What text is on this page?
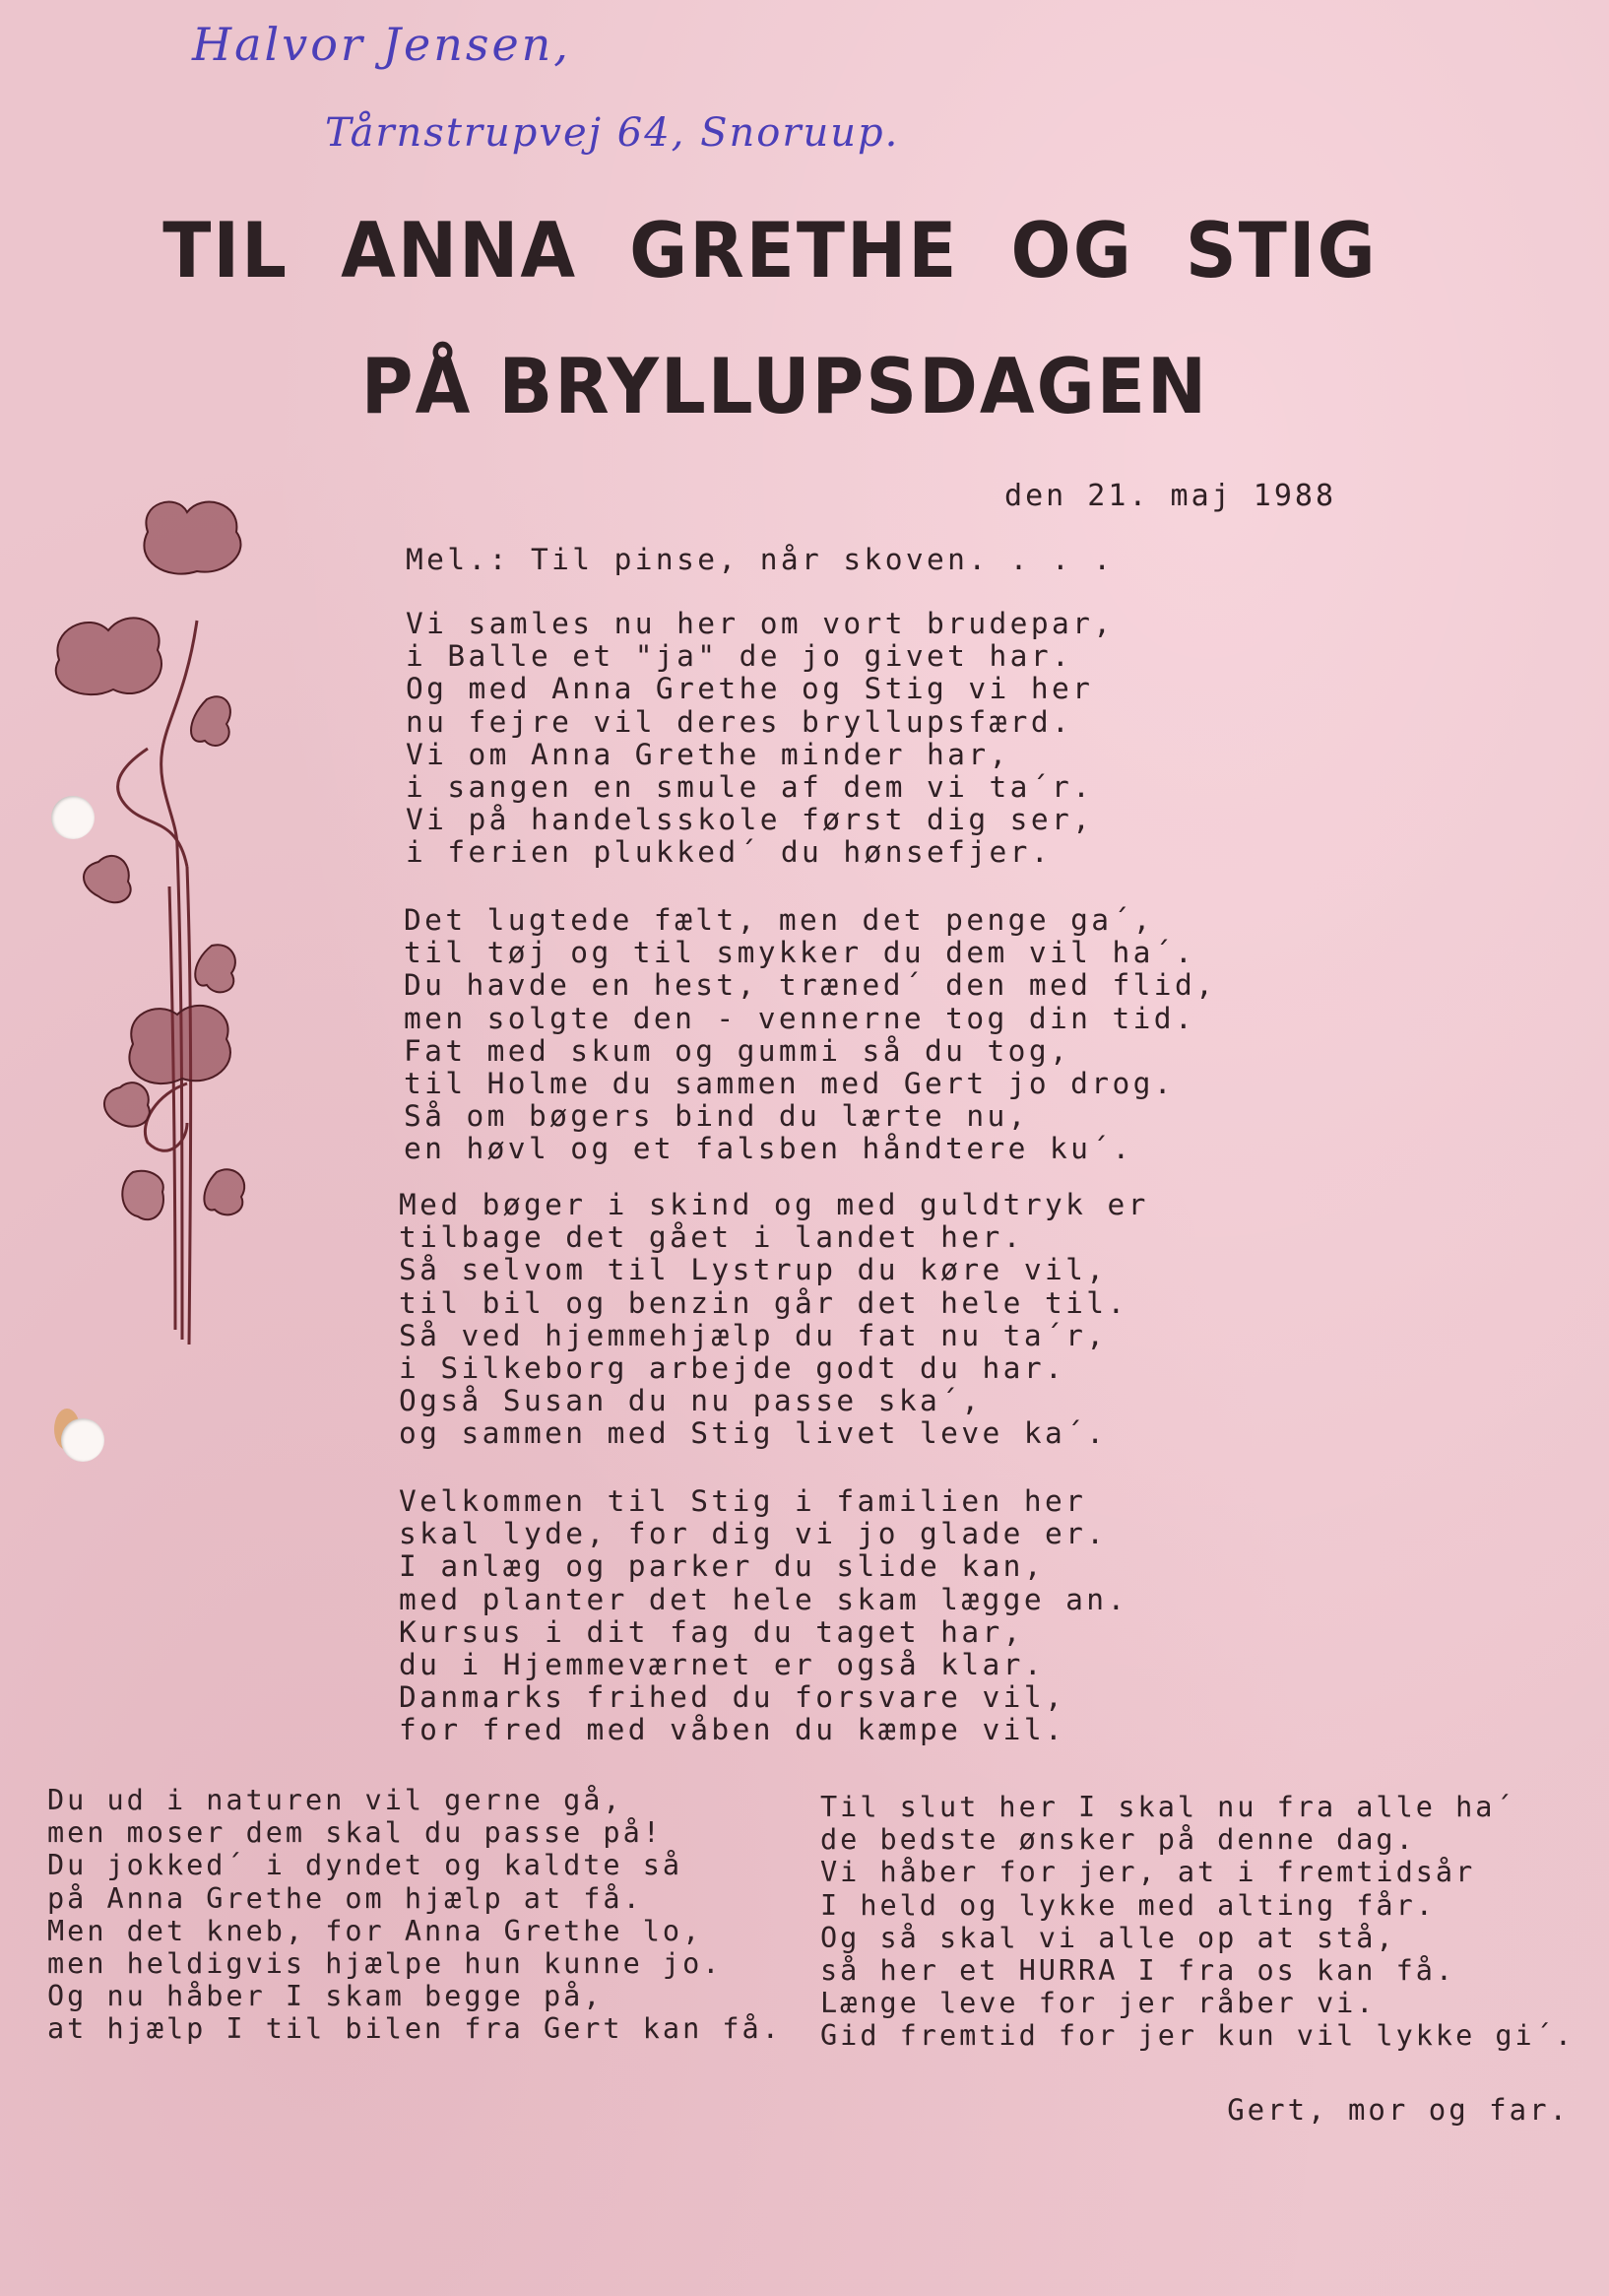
Halvor Jensen,
Tårnstrupvej 64, Snoruup.
TIL ANNA GRETHE OG STIG
PÅ BRYLLUPSDAGEN
den 21. maj 1988
Mel.: Til pinse, når skoven. . . .
Vi samles nu her om vort brudepar,
i Balle et "ja" de jo givet har.
Og med Anna Grethe og Stig vi her
nu fejre vil deres bryllupsfærd.
Vi om Anna Grethe minder har,
i sangen en smule af dem vi ta´r.
Vi på handelsskole først dig ser,
i ferien plukked´ du hønsefjer.
Det lugtede fælt, men det penge ga´,
til tøj og til smykker du dem vil ha´.
Du havde en hest, træned´ den med flid,
men solgte den - vennerne tog din tid.
Fat med skum og gummi så du tog,
til Holme du sammen med Gert jo drog.
Så om bøgers bind du lærte nu,
en høvl og et falsben håndtere ku´.
Med bøger i skind og med guldtryk er
tilbage det gået i landet her.
Så selvom til Lystrup du køre vil,
til bil og benzin går det hele til.
Så ved hjemmehjælp du fat nu ta´r,
i Silkeborg arbejde godt du har.
Også Susan du nu passe ska´,
og sammen med Stig livet leve ka´.
Velkommen til Stig i familien her
skal lyde, for dig vi jo glade er.
I anlæg og parker du slide kan,
med planter det hele skam lægge an.
Kursus i dit fag du taget har,
du i Hjemmeværnet er også klar.
Danmarks frihed du forsvare vil,
for fred med våben du kæmpe vil.
Du ud i naturen vil gerne gå,
men moser dem skal du passe på!
Du jokked´ i dyndet og kaldte så
på Anna Grethe om hjælp at få.
Men det kneb, for Anna Grethe lo,
men heldigvis hjælpe hun kunne jo.
Og nu håber I skam begge på,
at hjælp I til bilen fra Gert kan få.
Til slut her I skal nu fra alle ha´
de bedste ønsker på denne dag.
Vi håber for jer, at i fremtidsår
I held og lykke med alting får.
Og så skal vi alle op at stå,
så her et HURRA I fra os kan få.
Længe leve for jer råber vi.
Gid fremtid for jer kun vil lykke gi´.
Gert, mor og far.
